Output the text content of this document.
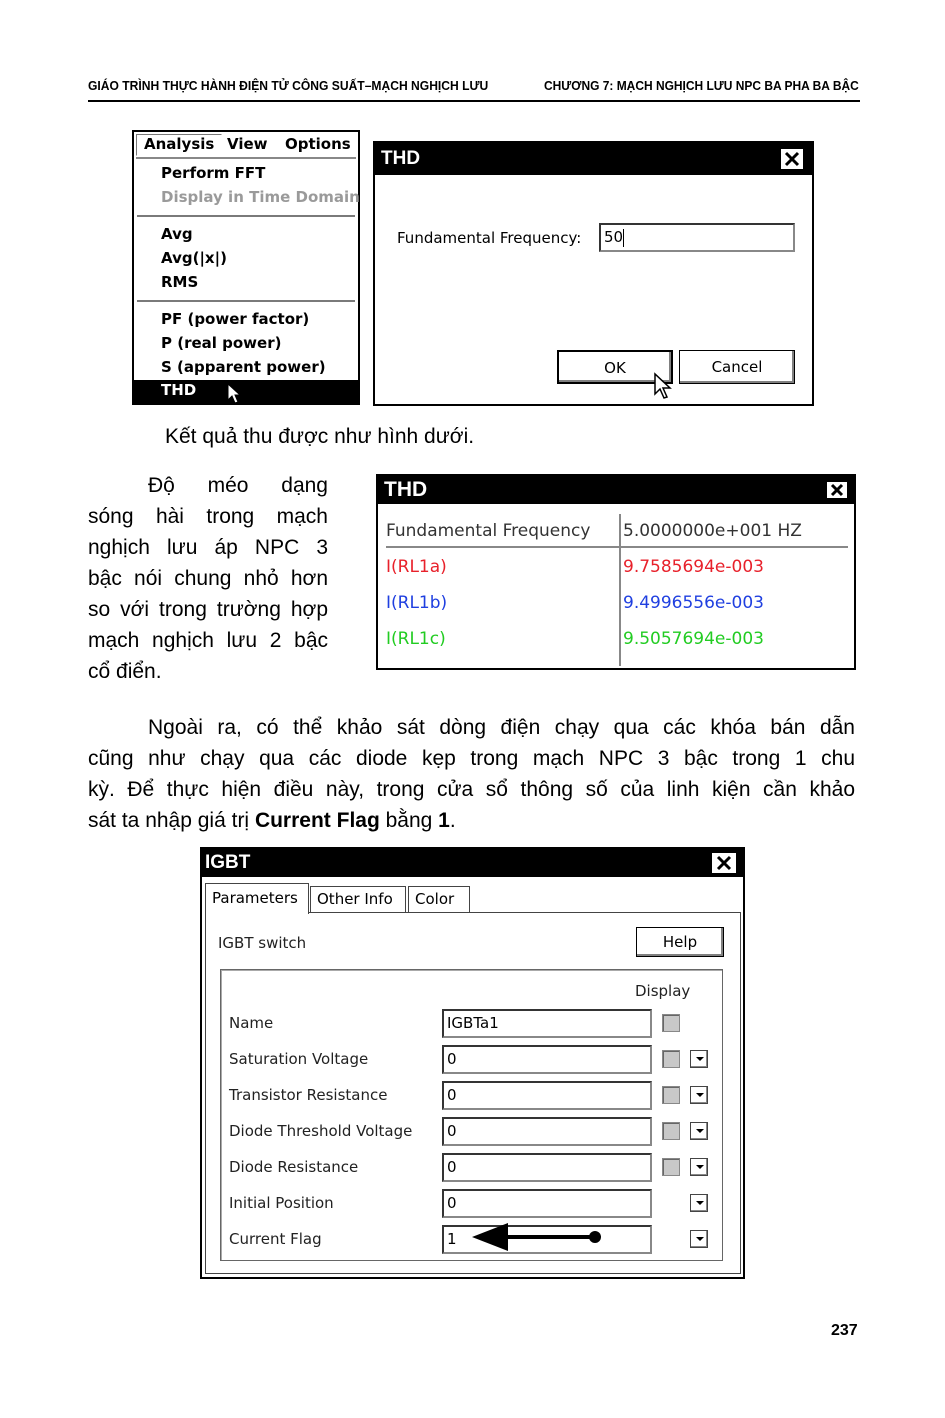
GIÁO TRÌNH THỰC HÀNH ĐIỆN TỬ CÔNG SUẤT–MẠCH NGHỊCH LƯU	CHƯƠNG 7: MẠCH NGHỊCH LƯU NPC BA PHA BA BẬC
Analysis View Options
Perform FFT
Display in Time Domain
Avg
Avg(|x|)
RMS
PF (power factor)
P (real power)
S (apparent power)
THD
THD
Fundamental Frequency:	50
OK	Cancel
Kết quả thu được như hình dưới.
Độ méo dạng
sóng hài trong mạch
nghịch lưu áp NPC 3
bậc nói chung nhỏ hơn
so với trong trường hợp
mạch nghịch lưu 2 bậc
cổ điển.
THD
Fundamental Frequency 5.0000000e+001 HZ
I(RL1a)	9.7585694e-003
I(RL1b)	9.4996556e-003
I(RL1c)	9.5057694e-003
Ngoài ra, có thể khảo sát dòng điện chạy qua các khóa bán dẫn
cũng như chạy qua các diode kẹp trong mạch NPC 3 bậc trong 1 chu
kỳ. Để thực hiện điều này, trong cửa sổ thông số của linh kiện cần khảo
sát ta nhập giá trị Current Flag bằng 1.
IGBT
Parameters Other Info Color
IGBT switch	Help
Display
Name	IGBTa1
Saturation Voltage	0
Transistor Resistance	0
Diode Threshold Voltage	0
Diode Resistance	0
Initial Position	0
Current Flag	1
237
